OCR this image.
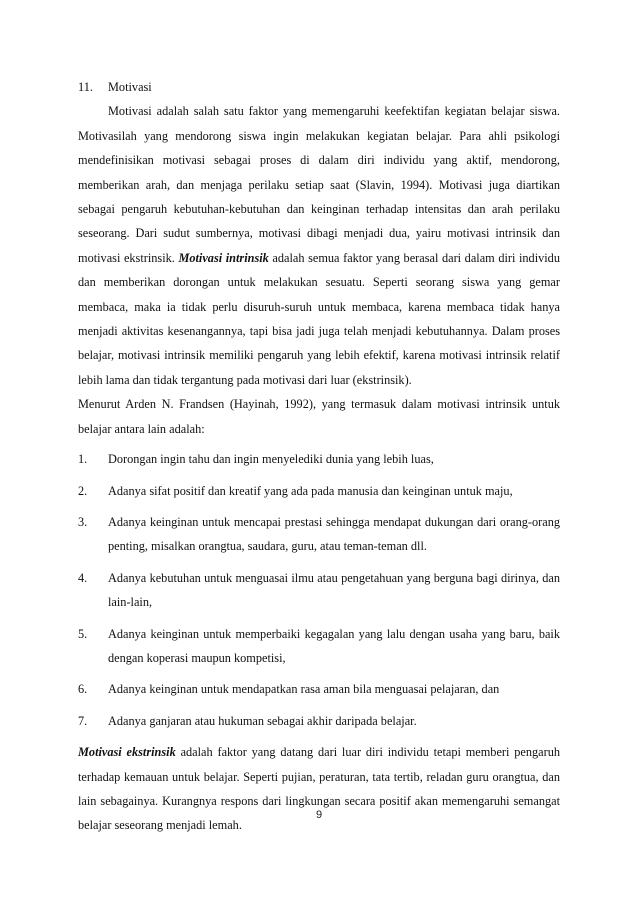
11. Motivasi

Motivasi adalah salah satu faktor yang memengaruhi keefektifan kegiatan belajar siswa. Motivasilah yang mendorong siswa ingin melakukan kegiatan belajar. Para ahli psikologi mendefinisikan motivasi sebagai proses di dalam diri individu yang aktif, mendorong, memberikan arah, dan menjaga perilaku setiap saat (Slavin, 1994). Motivasi juga diartikan sebagai pengaruh kebutuhan-kebutuhan dan keinginan terhadap intensitas dan arah perilaku seseorang. Dari sudut sumbernya, motivasi dibagi menjadi dua, yairu motivasi intrinsik dan motivasi ekstrinsik. Motivasi intrinsik adalah semua faktor yang berasal dari dalam diri individu dan memberikan dorongan untuk melakukan sesuatu. Seperti seorang siswa yang gemar membaca, maka ia tidak perlu disuruh-suruh untuk membaca, karena membaca tidak hanya menjadi aktivitas kesenangannya, tapi bisa jadi juga telah menjadi kebutuhannya. Dalam proses belajar, motivasi intrinsik memiliki pengaruh yang lebih efektif, karena motivasi intrinsik relatif lebih lama dan tidak tergantung pada motivasi dari luar (ekstrinsik).

Menurut Arden N. Frandsen (Hayinah, 1992), yang termasuk dalam motivasi intrinsik untuk belajar antara lain adalah:

1.	Dorongan ingin tahu dan ingin menyelediki dunia yang lebih luas,
2.	Adanya sifat positif dan kreatif yang ada pada manusia dan keinginan untuk maju,
3.	Adanya keinginan untuk mencapai prestasi sehingga mendapat dukungan dari orang-orang penting, misalkan orangtua, saudara, guru, atau teman-teman dll.
4.	Adanya kebutuhan untuk menguasai ilmu atau pengetahuan yang berguna bagi dirinya, dan lain-lain,
5.	Adanya keinginan untuk memperbaiki kegagalan yang lalu dengan usaha yang baru, baik dengan koperasi maupun kompetisi,
6.	Adanya keinginan untuk mendapatkan rasa aman bila menguasai pelajaran, dan
7.	Adanya ganjaran atau hukuman sebagai akhir daripada belajar.

Motivasi ekstrinsik adalah faktor yang datang dari luar diri individu tetapi memberi pengaruh terhadap kemauan untuk belajar. Seperti pujian, peraturan, tata tertib, reladan guru orangtua, dan lain sebagainya. Kurangnya respons dari lingkungan secara positif akan memengaruhi semangat belajar seseorang menjadi lemah.

9
